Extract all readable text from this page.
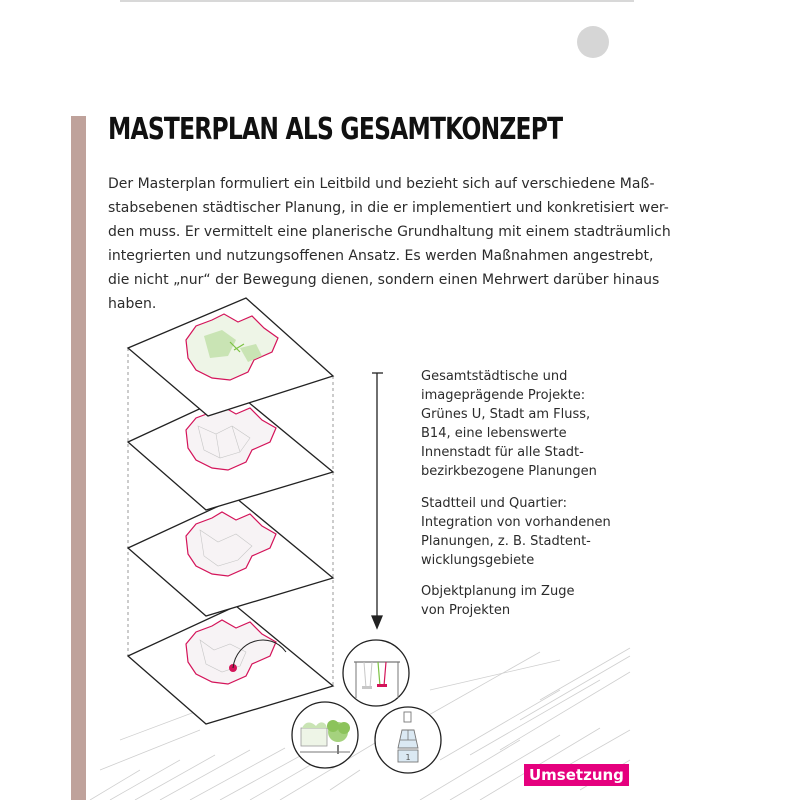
MASTERPLAN ALS GESAMTKONZEPT

Der Masterplan formuliert ein Leitbild und bezieht sich auf verschiedene Maß-
stabsebenen städtischer Planung, in die er implementiert und konkretisiert wer-
den muss. Er vermittelt eine planerische Grundhaltung mit einem stadträumlich
integrierten und nutzungsoffenen Ansatz. Es werden Maßnahmen angestrebt,
die nicht „nur“ der Bewegung dienen, sondern einen Mehrwert darüber hinaus
haben.

1

Gesamtstädtische und
imageprägende Projekte:
Grünes U, Stadt am Fluss,
B14, eine lebenswerte
Innenstadt für alle Stadt-
bezirkbezogene Planungen

Stadtteil und Quartier:
Integration von vorhandenen
Planungen, z. B. Stadtent-
wicklungsgebiete

Objektplanung im Zuge
von Projekten

Umsetzung
